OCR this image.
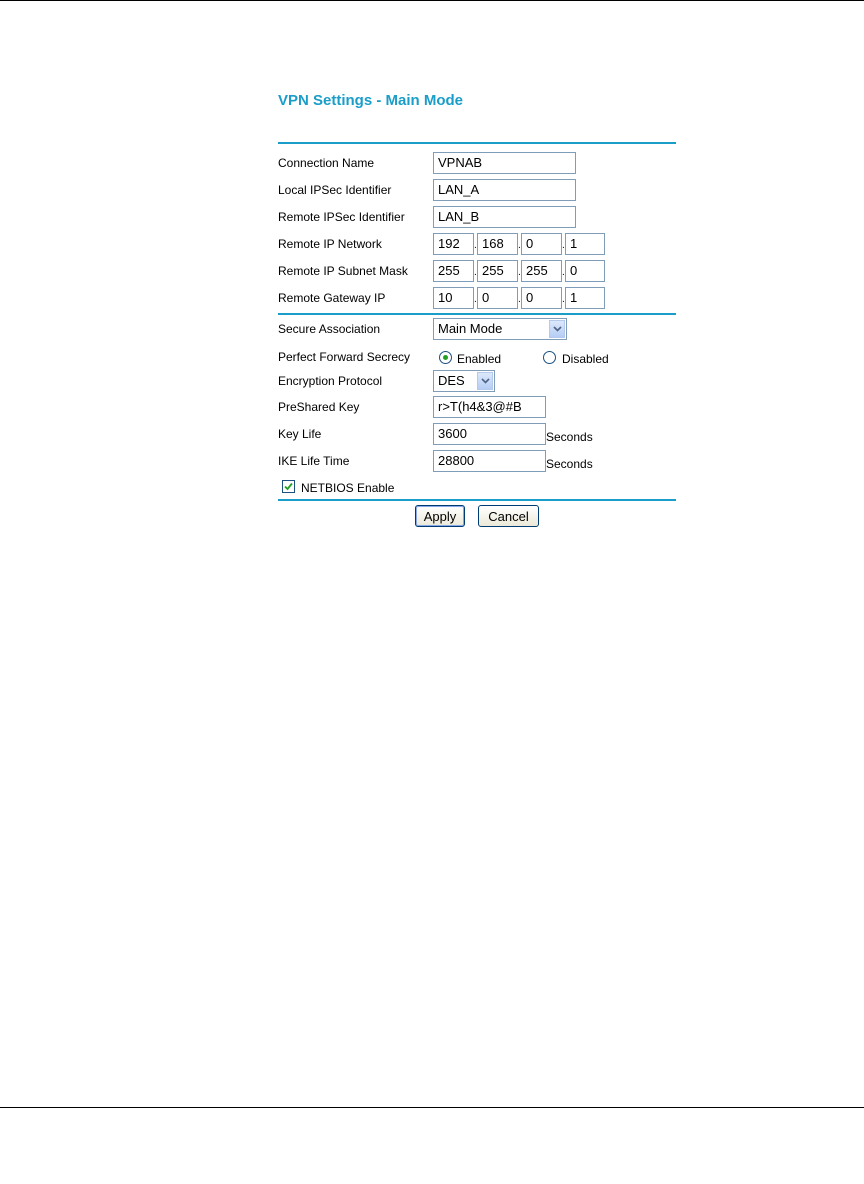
VPN Settings - Main Mode
Connection Name	VPNAB
Local IPSec Identifier	LAN_A
Remote IPSec Identifier	LAN_B
Remote IP Network	192	. 168	. 0	. 1
Remote IP Subnet Mask	255	. 255	. 255	. 0
Remote Gateway IP	10	. 0	. 0	. 1
Secure Association	Main Mode
Perfect Forward Secrecy	Enabled	Disabled
Encryption Protocol	DES
PreShared Key	r>T(h4&3@#B
Key Life	3600	Seconds
IKE Life Time	28800	Seconds
NETBIOS Enable
Apply	Cancel
